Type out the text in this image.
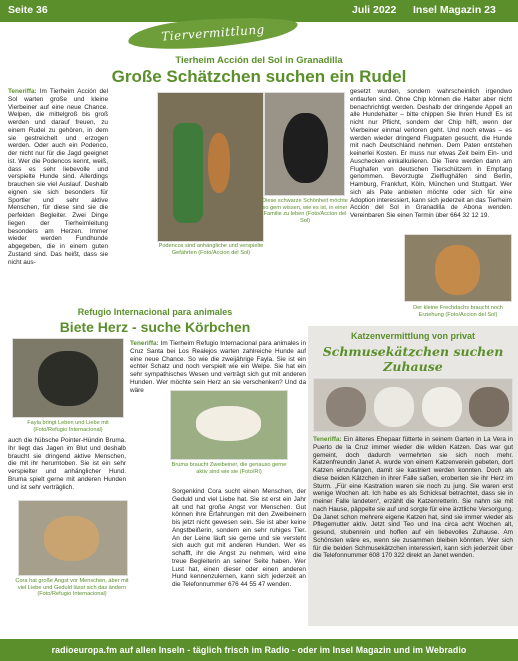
Seite 36	Juli 2022 Insel Magazin 23
Tiervermittlung
Tierheim Acción del Sol in Granadilla
Große Schätzchen suchen ein Rudel
Teneriffa: Im Tierheim Acción del Sol warten große und kleine Vierbeiner auf eine neue Chance. Welpen, die mittelgroß bis groß werden und darauf freuen, zu einem Rudel zu gehören, in dem sie gestreichelt und erzogen werden. Oder auch ein Podenco, der nicht nur für die Jagd geeignet ist. Wer die Podencos kennt, weiß, dass es sehr liebevolle und verspielte Hunde sind. Allerdings brauchen sie viel Auslauf. Deshalb eignen sie sich besonders für Sportler und sehr aktive Menschen, für diese sind sie die perfekten Begleiter. Zwei Dinge liegen der Tierheimleitung besonders am Herzen. Immer wieder werden Fundhunde abgegeben, die in einem guten Zustand sind. Das heißt, dass sie nicht aus-
Podencos sind anhängliche und verspielte Gefährten (Foto/Accion del Sol)
Diese schwarze Schönheit möchte so gern wissen, wie es ist, in einer Familie zu leben (Foto/Accion del Sol)
gesetzt wurden, sondern wahrscheinlich irgendwo entlaufen sind. Ohne Chip können die Halter aber nicht benachrichtigt werden. Deshalb der dringende Appell an alle Hundehalter – bitte chippen Sie Ihren Hund! Es ist nicht nur Pflicht, sondern der Chip hilft, wenn der Vierbeiner einmal verloren geht. Und noch etwas – es werden wieder dringend Flugpaten gesucht, die Hunde mit nach Deutschland nehmen. Dem Paten entstehen keinerlei Kosten. Er muss nur etwas Zeit beim Ein- und Auschecken einkalkulieren. Die Tiere werden dann am Flughafen von deutschen Tierschützern in Empfang genommen. Bevorzugte Zielflughäfen sind Berlin, Hamburg, Frankfurt, Köln, München und Stuttgart. Wer sich als Pate anbieten möchte oder sich für eine Adoption interessiert, kann sich jederzeit an das Tierheim Acción del Sol in Granadilla de Abona wenden. Vereinbaren Sie einen Termin über 664 32 12 19.
Der kleine Frechdachs braucht noch Erziehung (Foto/Accion del Sol)
Refugio Internacional para animales
Biete Herz - suche Körbchen
Fayla bringt Leben und Liebe mit (Foto/Refugio Internacional)
Teneriffa: Im Tierheim Refugio Internacional para animales in Cruz Santa bei Los Realejos warten zahlreiche Hunde auf eine neue Chance. So wie die zweijährige Fayla. Sie ist ein echter Schatz und noch verspielt wie ein Welpe. Sie hat ein sehr sympathisches Wesen und verträgt sich gut mit anderen Hunden. Wer möchte sein Herz an sie verschenken? Und da wäre
auch die hübsche Pointer-Hündin Bruma. Ihr liegt das Jagen im Blut und deshalb braucht sie dringend aktive Menschen, die mit ihr herumtoben. Sie ist ein sehr verspielter und anhänglicher Hund. Bruma spielt gerne mit anderen Hunden und ist sehr verträglich.
Bruma braucht Zweibeiner, die genauso gerne aktiv sind wie sie (Foto/RI)
Cora hat große Angst vor Menschen, aber mit viel Liebe und Geduld lässt sich das ändern (Foto/Refugio Internacional)
Sorgenkind Cora sucht einen Menschen, der Geduld und viel Liebe hat. Sie ist erst ein Jahr alt und hat große Angst vor Menschen. Gut können ihre Erfahrungen mit den Zweibeinern bis jetzt nicht gewesen sein. Sie ist aber keine Angstbeißerin, sondern ein sehr ruhiges Tier. An der Leine läuft sie gerne und sie versteht sich auch gut mit anderen Hunden. Wer es schafft, ihr die Angst zu nehmen, wird eine treue Begleiterin an seiner Seite haben. Wer Lust hat, einen dieser oder einen anderen Hund kennenzulernen, kann sich jederzeit an die Telefonnummer 676 44 55 47 wenden.
Katzenvermittlung von privat
Schmusekätzchen suchen Zuhause
Teneriffa: Ein älteres Ehepaar fütterte in seinem Garten in La Vera in Puerto de la Cruz immer wieder die wilden Katzen. Das war gut gemeint, doch dadurch vermehrten sie sich noch mehr. Katzenfreundin Janet A. wurde von einem Katzenverein gebeten, dort Katzen einzufangen, damit sie kastriert werden konnten. Doch als diese beiden Kätzchen in ihrer Falle saßen, eroberten sie ihr Herz im Sturm. „Für eine Kastration waren sie noch zu jung. Sie waren erst wenige Wochen alt. Ich habe es als Schicksal betrachtet, dass sie in meiner Falle landeten“, erzählt die Katzenretterin. Sie nahm sie mit nach Hause, päppelte sie auf und sorgte für eine ärztliche Versorgung. Da Janet schon mehrere eigene Katzen hat, sind sie immer wieder als Pflegemutter aktiv. Jetzt sind Teo und Ina circa acht Wochen alt, gesund, stubenrein und hoffen auf ein liebevolles Zuhause. Am Schönsten wäre es, wenn sie zusammen bleiben könnten. Wer sich für die beiden Schmusekätzchen interessiert, kann sich jederzeit über die Telefonnummer 608 170 322 direkt an Janet wenden.
radioeuropa.fm auf allen Inseln - täglich frisch im Radio - oder im Insel Magazin und im Webradio
